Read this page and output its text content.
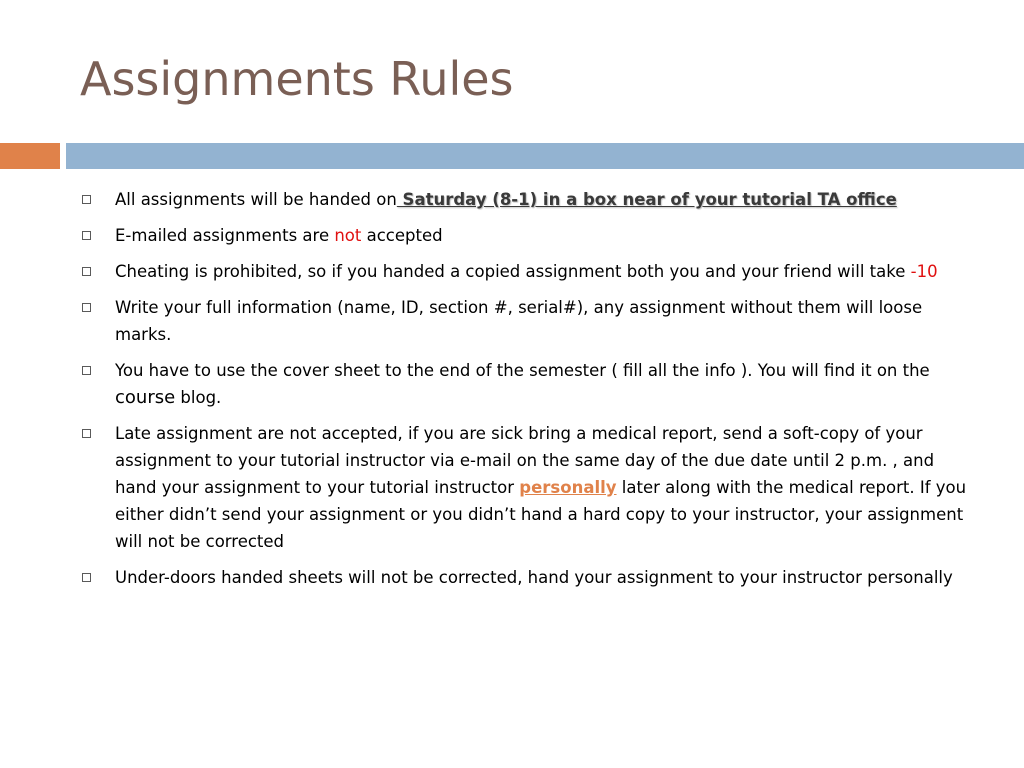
Assignments Rules
All assignments will be handed on Saturday (8-1) in a box near of your tutorial TA office
E-mailed assignments are not accepted
Cheating is prohibited, so if you handed a copied assignment both you and your friend will take -10
Write your full information (name, ID, section #, serial#), any assignment without them will loose marks.
You have to use the cover sheet to the end of the semester ( fill all the info ). You will find it on the course blog.
Late assignment are not accepted, if you are sick bring a medical report, send a soft-copy of your assignment to your tutorial instructor via e-mail on the same day of the due date until 2 p.m. , and hand your assignment to your tutorial instructor personally later along with the medical report. If you either didn’t send your assignment or you didn’t hand a hard copy to your instructor, your assignment will not be corrected
Under-doors handed sheets will not be corrected, hand your assignment to your instructor personally
